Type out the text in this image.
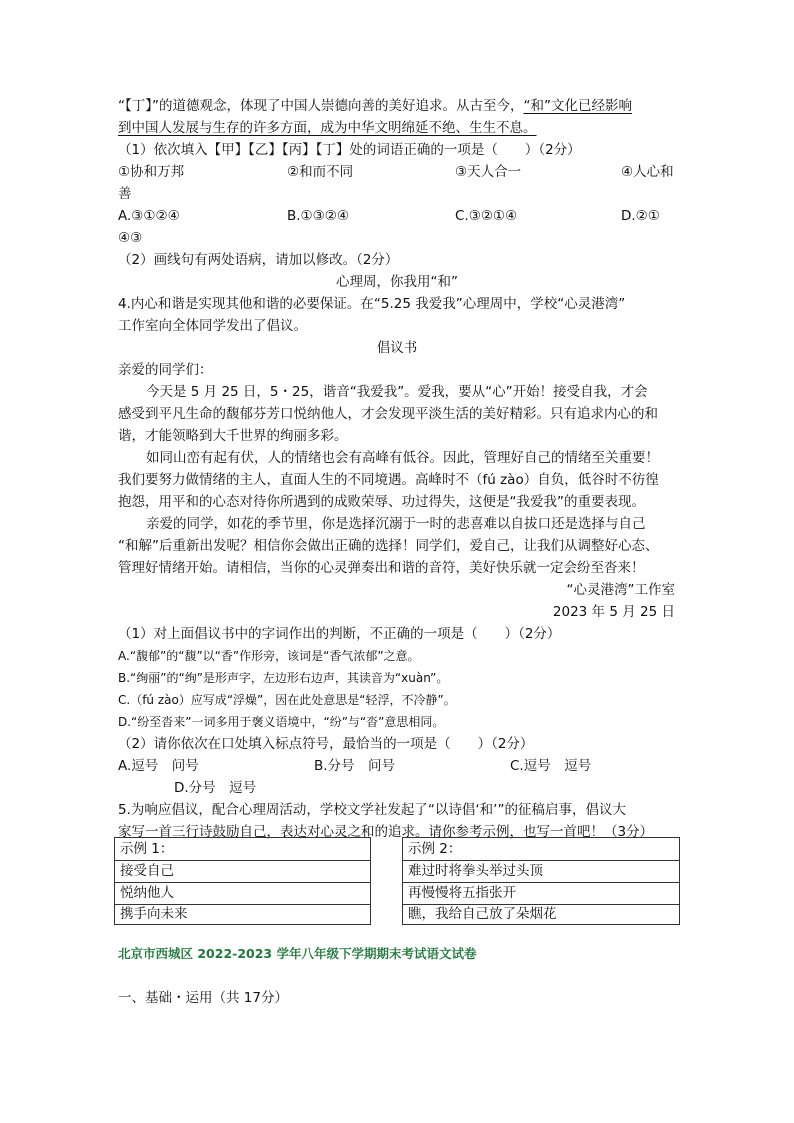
“【丁】”的道德观念，体现了中国人崇德向善的美好追求。从古至今，“和”文化已经影响
到中国人发展与生存的许多方面，成为中华文明绵延不绝、生生不息。
（1）依次填入【甲】【乙】【丙】【丁】处的词语正确的一项是（　　）（2分）
①协和万邦	②和而不同	③天人合一	④人心和
善
A.③①②④	B.①③②④	C.③②①④	D.②①
④③
（2）画线句有两处语病，请加以修改。（2分）
心理周，你我用“和”
4.内心和谐是实现其他和谐的必要保证。在“5.25 我爱我”心理周中，学校“心灵港湾”
工作室向全体同学发出了倡议。
倡议书
亲爱的同学们：
今天是 5 月 25 日，5・25，谐音“我爱我”。爱我，要从“心”开始！接受自我，才会
感受到平凡生命的馥郁芬芳口悦纳他人，才会发现平淡生活的美好精彩。只有追求内心的和
谐，才能领略到大千世界的绚丽多彩。
如同山峦有起有伏，人的情绪也会有高峰有低谷。因此，管理好自己的情绪至关重要！
我们要努力做情绪的主人，直面人生的不同境遇。高峰时不（fú zào）自负，低谷时不彷徨
抱怨，用平和的心态对待你所遇到的成败荣辱、功过得失，这便是“我爱我”的重要表现。
亲爱的同学，如花的季节里，你是选择沉溺于一时的悲喜难以自拔口还是选择与自己
“和解”后重新出发呢？相信你会做出正确的选择！同学们，爱自己，让我们从调整好心态、
管理好情绪开始。请相信，当你的心灵弹奏出和谐的音符，美好快乐就一定会纷至沓来！
“心灵港湾”工作室
2023 年 5 月 25 日
（1）对上面倡议书中的字词作出的判断，不正确的一项是（　　）（2分）
A.“馥郁”的“馥”以“香”作形旁，该词是“香气浓郁”之意。
B.“绚丽”的“绚”是形声字，左边形右边声，其读音为“xuàn”。
C.（fú zào）应写成“浮燥”，因在此处意思是“轻浮，不冷静”。
D.“纷至沓来”一词多用于褒义语境中，“纷”与“沓”意思相同。
（2）请你依次在口处填入标点符号，最恰当的一项是（　　）（2分）
A.逗号　问号	B.分号　问号	C.逗号　逗号
D.分号　逗号
5.为响应倡议，配合心理周活动，学校文学社发起了“以诗倡‘和’”的征稿启事，倡议大
家写一首三行诗鼓励自己，表达对心灵之和的追求。请你参考示例，也写一首吧！（3分）
示例 1：
接受自己
悦纳他人
携手向未来
示例 2：
难过时将拳头举过头顶
再慢慢将五指张开
瞧，我给自己放了朵烟花
北京市西城区 2022-2023 学年八年级下学期期末考试语文试卷
一、基础・运用（共 17分）
